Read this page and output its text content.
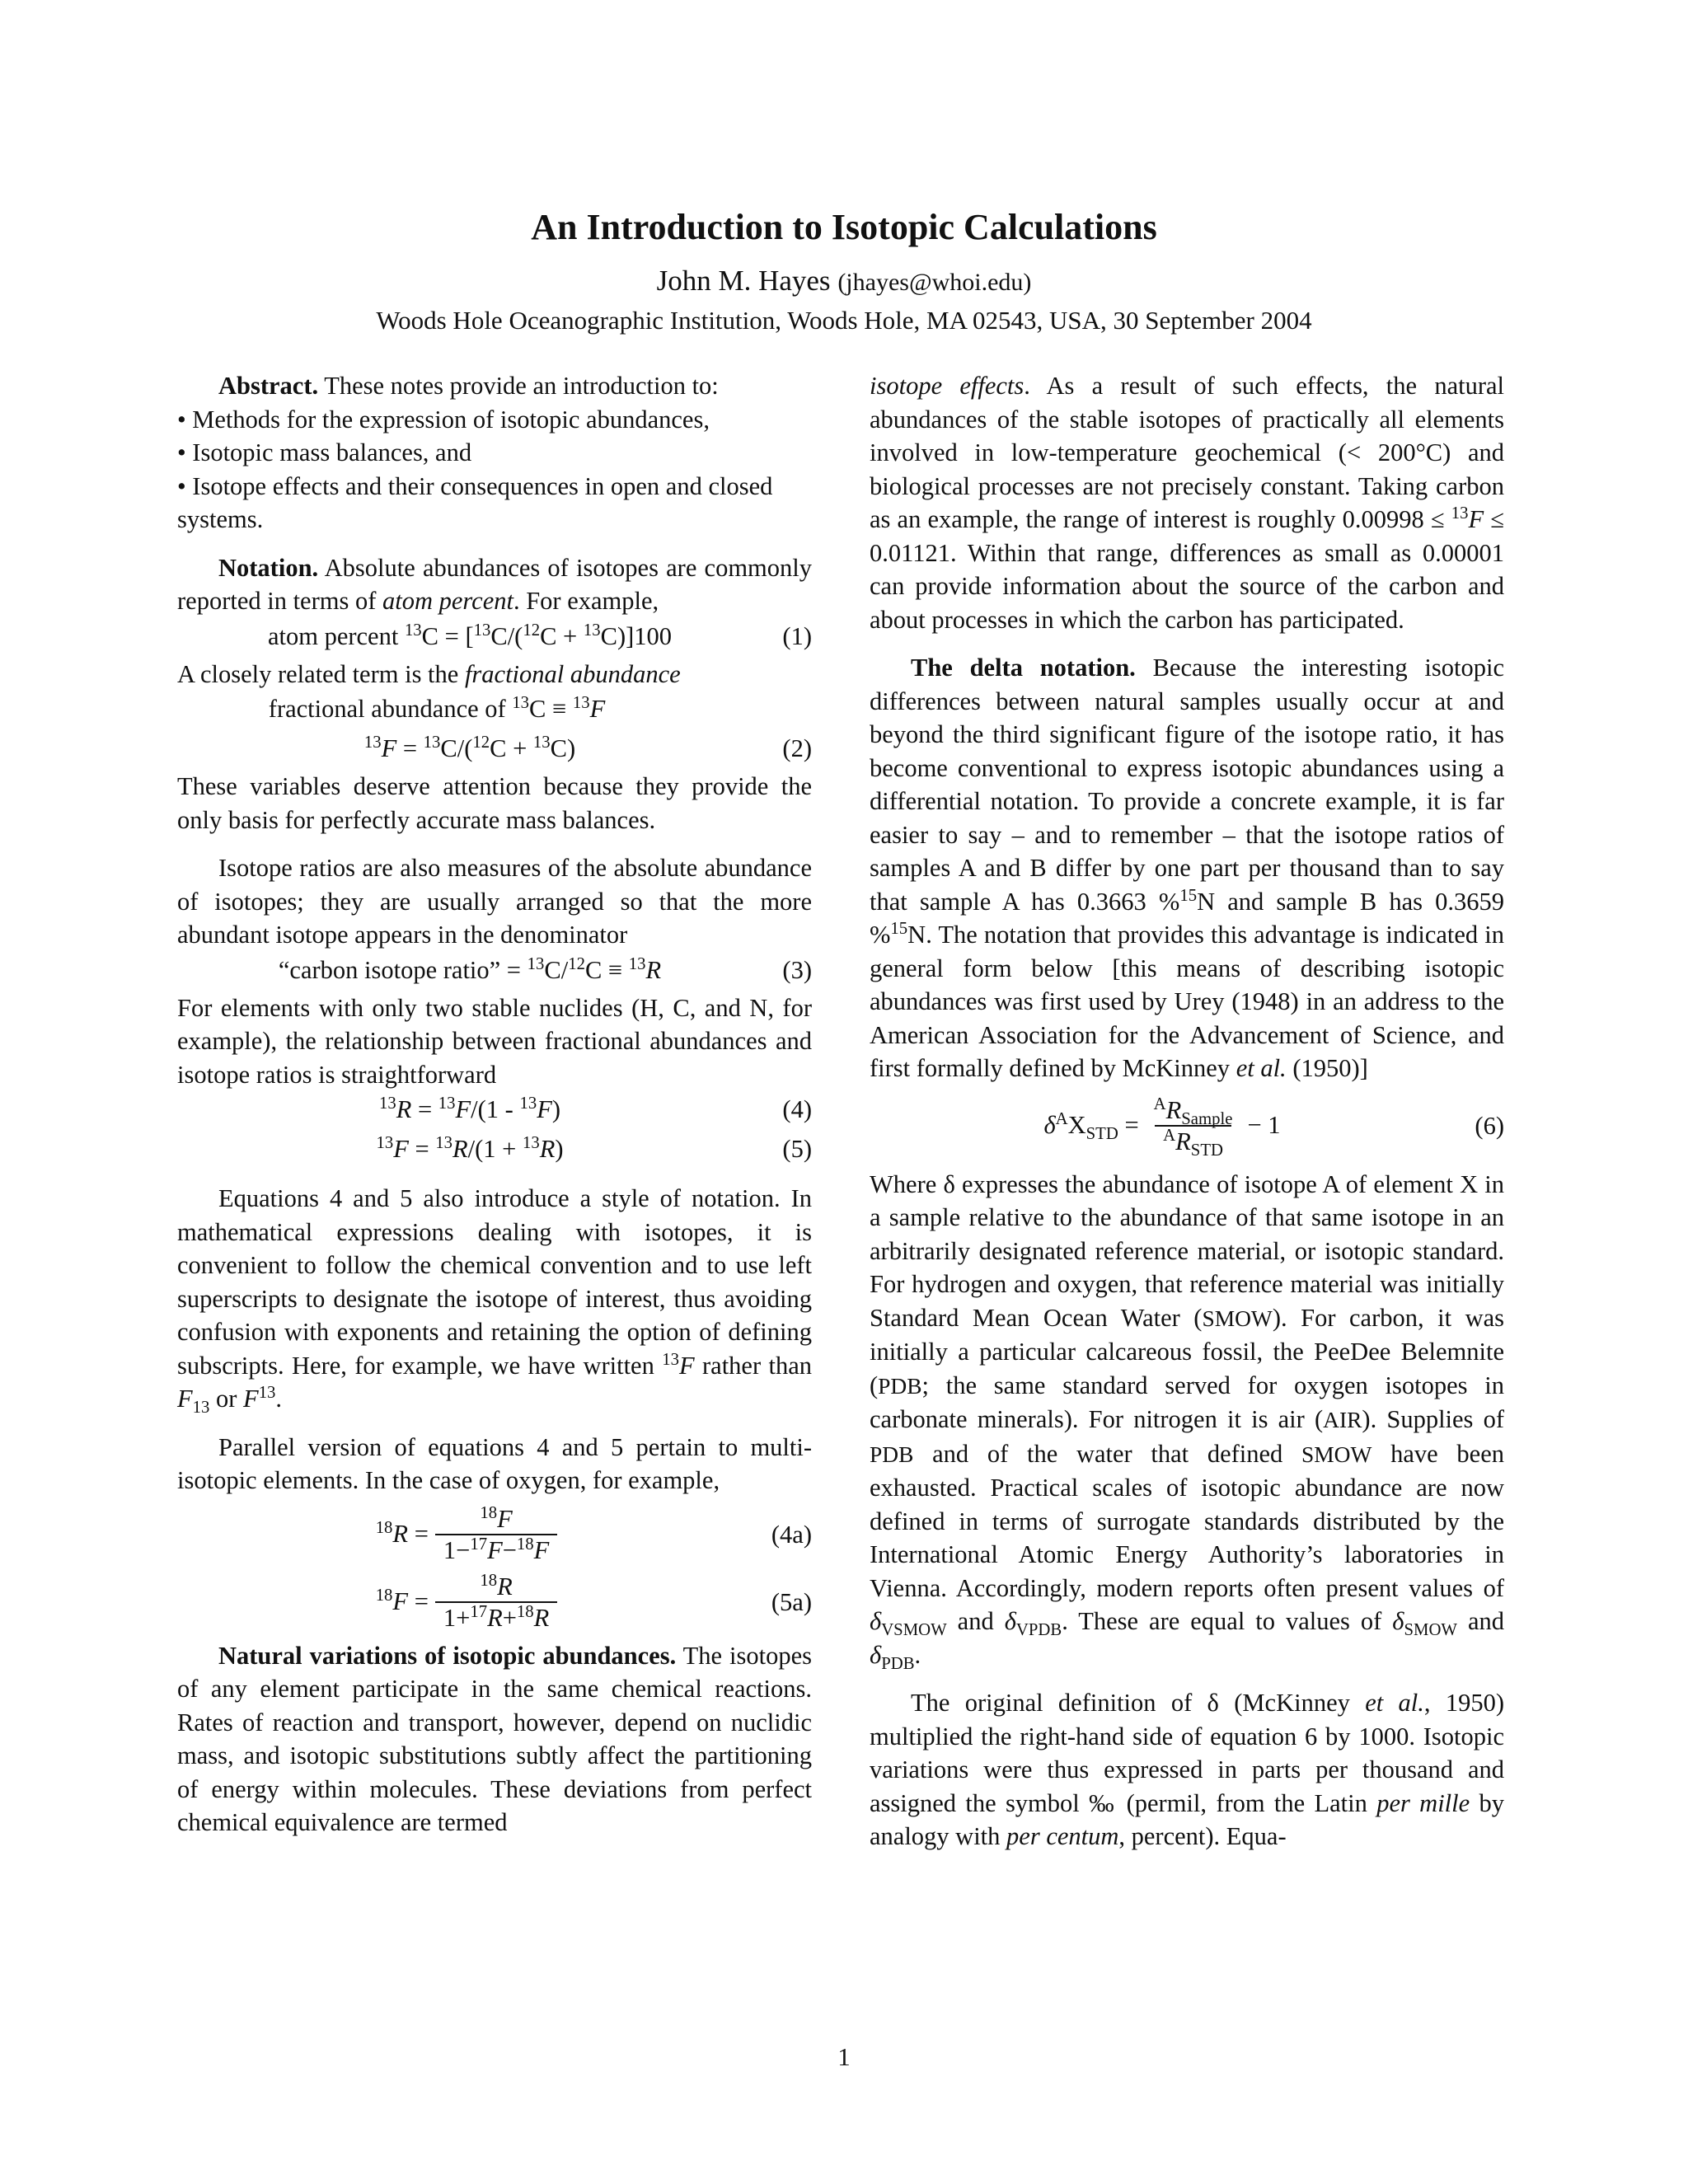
An Introduction to Isotopic Calculations
John M. Hayes (jhayes@whoi.edu)
Woods Hole Oceanographic Institution, Woods Hole, MA 02543, USA, 30 September 2004

Abstract. These notes provide an introduction to:

• Methods for the expression of isotopic abundances,

• Isotopic mass balances, and

• Isotope effects and their consequences in open and closed systems.

Notation. Absolute abundances of isotopes are commonly reported in terms of atom percent. For example,

atom percent $^{13}$C = [$^{13}$C/($^{12}$C + $^{13}$C)]100	(1)

A closely related term is the fractional abundance

fractional abundance of $^{13}$C ≡ $^{13}$F
$^{13}$F = $^{13}$C/($^{12}$C + $^{13}$C)	(2)

These variables deserve attention because they provide the only basis for perfectly accurate mass balances.

Isotope ratios are also measures of the absolute abundance of isotopes; they are usually arranged so that the more abundant isotope appears in the denominator

“carbon isotope ratio” = $^{13}$C/$^{12}$C ≡ $^{13}$R	(3)

For elements with only two stable nuclides (H, C, and N, for example), the relationship between fractional abundances and isotope ratios is straightforward

$^{13}$R = $^{13}$F/(1 - $^{13}$F)	(4)
$^{13}$F = $^{13}$R/(1 + $^{13}$R)	(5)

Equations 4 and 5 also introduce a style of notation. In mathematical expressions dealing with isotopes, it is convenient to follow the chemical convention and to use left superscripts to designate the isotope of interest, thus avoiding confusion with exponents and retaining the option of defining subscripts. Here, for example, we have written $^{13}$F rather than $F_{13}$ or $F^{13}$.

Parallel version of equations 4 and 5 pertain to multi-isotopic elements. In the case of oxygen, for example,

$^{18}R = \frac{^{18}F}{1-^{17}F-^{18}F}$	(4a)
$^{18}F = \frac{^{18}R}{1+^{17}R+^{18}R}$	(5a)

Natural variations of isotopic abundances. The isotopes of any element participate in the same chemical reactions. Rates of reaction and transport, however, depend on nuclidic mass, and isotopic substitutions subtly affect the partitioning of energy within molecules. These deviations from perfect chemical equivalence are termed

isotope effects. As a result of such effects, the natural abundances of the stable isotopes of practically all elements involved in low-temperature geochemical (< 200°C) and biological processes are not precisely constant. Taking carbon as an example, the range of interest is roughly 0.00998 ≤ $^{13}$F ≤ 0.01121. Within that range, differences as small as 0.00001 can provide information about the source of the carbon and about processes in which the carbon has participated.

The delta notation. Because the interesting isotopic differences between natural samples usually occur at and beyond the third significant figure of the isotope ratio, it has become conventional to express isotopic abundances using a differential notation. To provide a concrete example, it is far easier to say – and to remember – that the isotope ratios of samples A and B differ by one part per thousand than to say that sample A has 0.3663 %$^{15}$N and sample B has 0.3659 %$^{15}$N. The notation that provides this advantage is indicated in general form below [this means of describing isotopic abundances was first used by Urey (1948) in an address to the American Association for the Advancement of Science, and first formally defined by McKinney et al. (1950)]

$\delta^AX_{STD} = \frac{^AR_{Sample}}{^AR_{STD}} - 1$	(6)

Where δ expresses the abundance of isotope A of element X in a sample relative to the abundance of that same isotope in an arbitrarily designated reference material, or isotopic standard. For hydrogen and oxygen, that reference material was initially Standard Mean Ocean Water (SMOW). For carbon, it was initially a particular calcareous fossil, the PeeDee Belemnite (PDB; the same standard served for oxygen isotopes in carbonate minerals). For nitrogen it is air (AIR). Supplies of PDB and of the water that defined SMOW have been exhausted. Practical scales of isotopic abundance are now defined in terms of surrogate standards distributed by the International Atomic Energy Authority’s laboratories in Vienna. Accordingly, modern reports often present values of $\delta_{VSMOW}$ and $\delta_{VPDB}$. These are equal to values of $\delta_{SMOW}$ and $\delta_{PDB}$.

The original definition of δ (McKinney et al., 1950) multiplied the right-hand side of equation 6 by 1000. Isotopic variations were thus expressed in parts per thousand and assigned the symbol ‰ (permil, from the Latin per mille by analogy with per centum, percent). Equa-

1
